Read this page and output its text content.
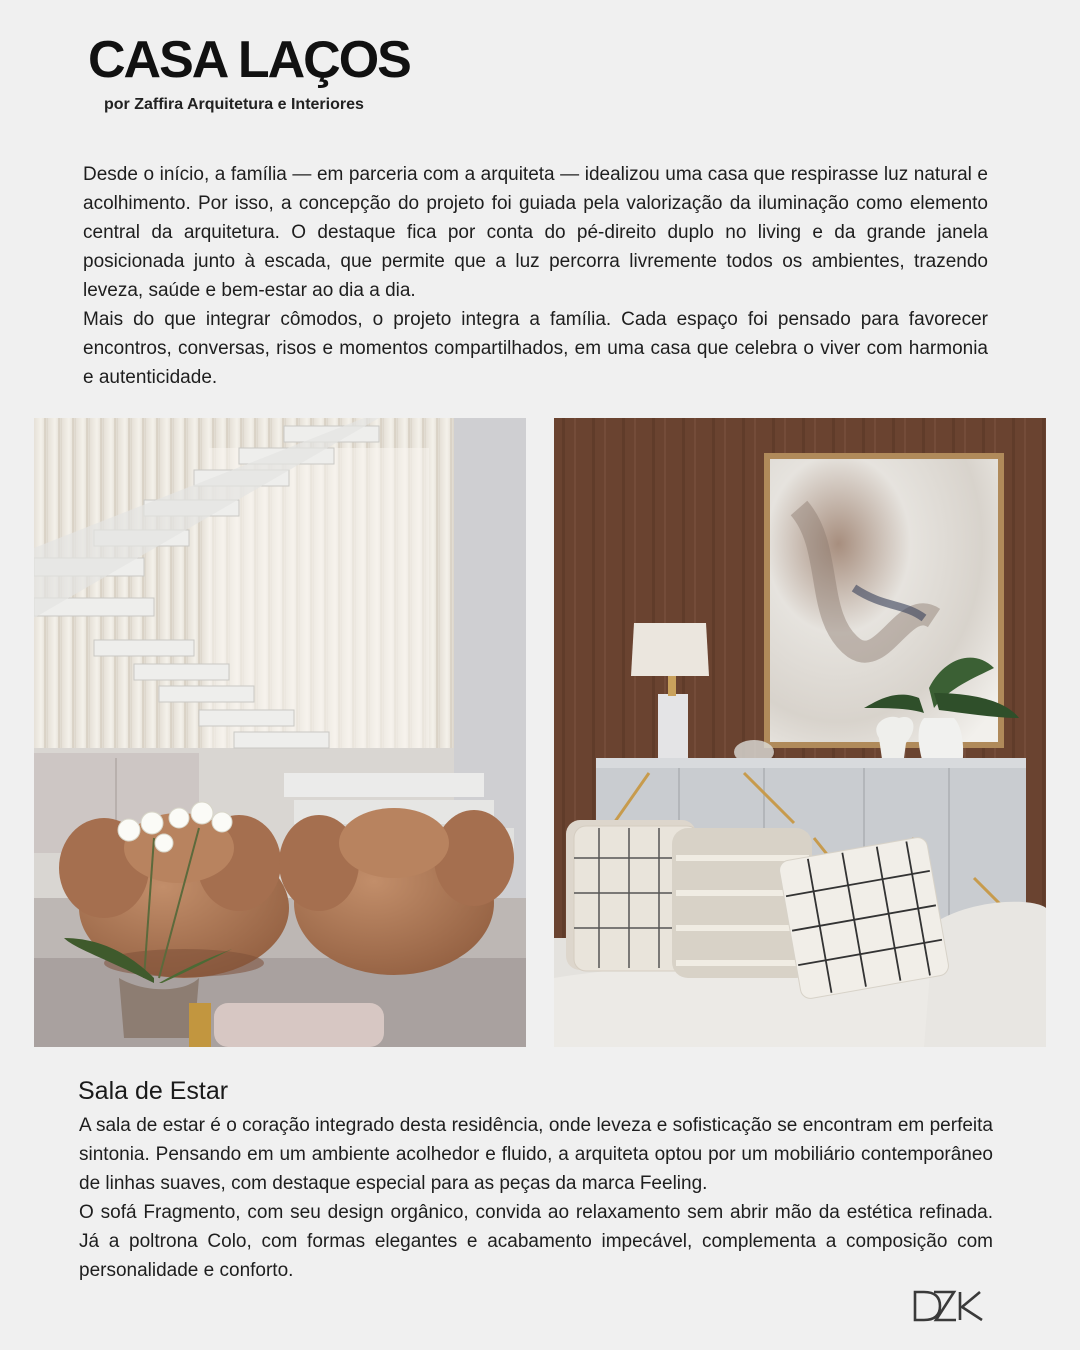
CASA LAÇOS
por Zaffira Arquitetura e Interiores

Desde o início, a família — em parceria com a arquiteta — idealizou uma casa que respirasse luz natural e acolhimento. Por isso, a concepção do projeto foi guiada pela valorização da iluminação como elemento central da arquitetura. O destaque fica por conta do pé-direito duplo no living e da grande janela posicionada junto à escada, que permite que a luz percorra livremente todos os ambientes, trazendo leveza, saúde e bem-estar ao dia a dia.

Mais do que integrar cômodos, o projeto integra a família. Cada espaço foi pensado para favorecer encontros, conversas, risos e momentos compartilhados, em uma casa que celebra o viver com harmonia e autenticidade.

Sala de Estar

A sala de estar é o coração integrado desta residência, onde leveza e sofisticação se encontram em perfeita sintonia. Pensando em um ambiente acolhedor e fluido, a arquiteta optou por um mobiliário contemporâneo de linhas suaves, com destaque especial para as peças da marca Feeling.

O sofá Fragmento, com seu design orgânico, convida ao relaxamento sem abrir mão da estética refinada. Já a poltrona Colo, com formas elegantes e acabamento impecável, complementa a composição com personalidade e conforto.
